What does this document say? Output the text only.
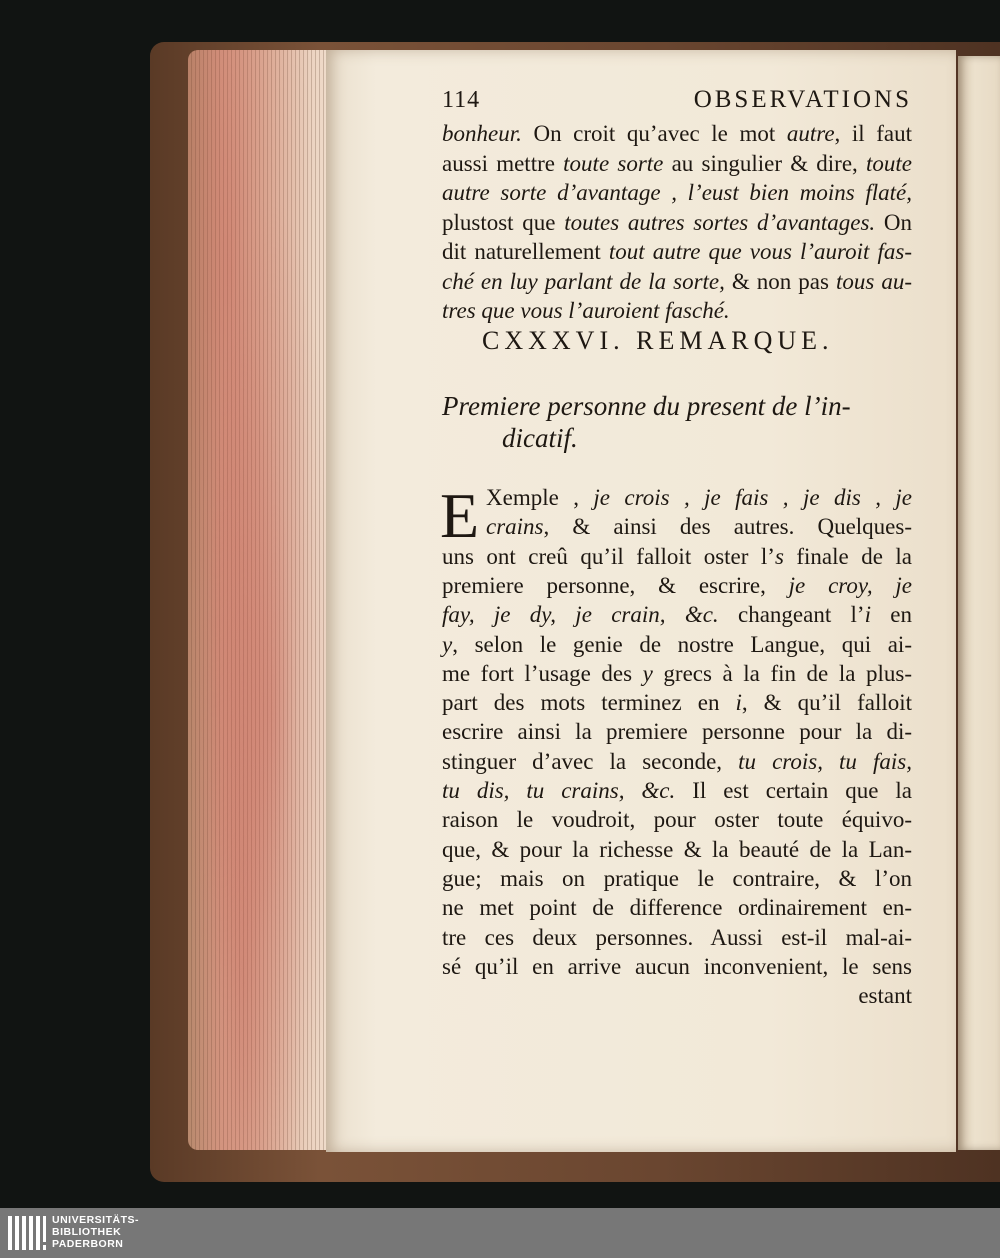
114	OBSERVATIONS
bonheur. On croit qu’avec le mot autre, il faut
aussi mettre toute sorte au singulier & dire, toute
autre sorte d’avantage , l’eust bien moins flaté,
plustost que toutes autres sortes d’avantages. On
dit naturellement tout autre que vous l’auroit fas-
ché en luy parlant de la sorte, & non pas tous au-
tres que vous l’auroient fasché.
CXXXVI. REMARQUE.
Premiere personne du present de l’in-
dicatif.
E Xemple , je crois , je fais , je dis , je
crains, & ainsi des autres. Quelques-
uns ont creû qu’il falloit oster l’s finale de la
premiere personne, & escrire, je croy, je
fay, je dy, je crain, &c. changeant l’i en
y, selon le genie de nostre Langue, qui ai-
me fort l’usage des y grecs à la fin de la plus-
part des mots terminez en i, & qu’il falloit
escrire ainsi la premiere personne pour la di-
stinguer d’avec la seconde, tu crois, tu fais,
tu dis, tu crains, &c. Il est certain que la
raison le voudroit, pour oster toute équivo-
que, & pour la richesse & la beauté de la Lan-
gue; mais on pratique le contraire, & l’on
ne met point de difference ordinairement en-
tre ces deux personnes. Aussi est-il mal-ai-
sé qu’il en arrive aucun inconvenient, le sens
estant
UNIVERSITÄTS-
BIBLIOTHEK
PADERBORN
